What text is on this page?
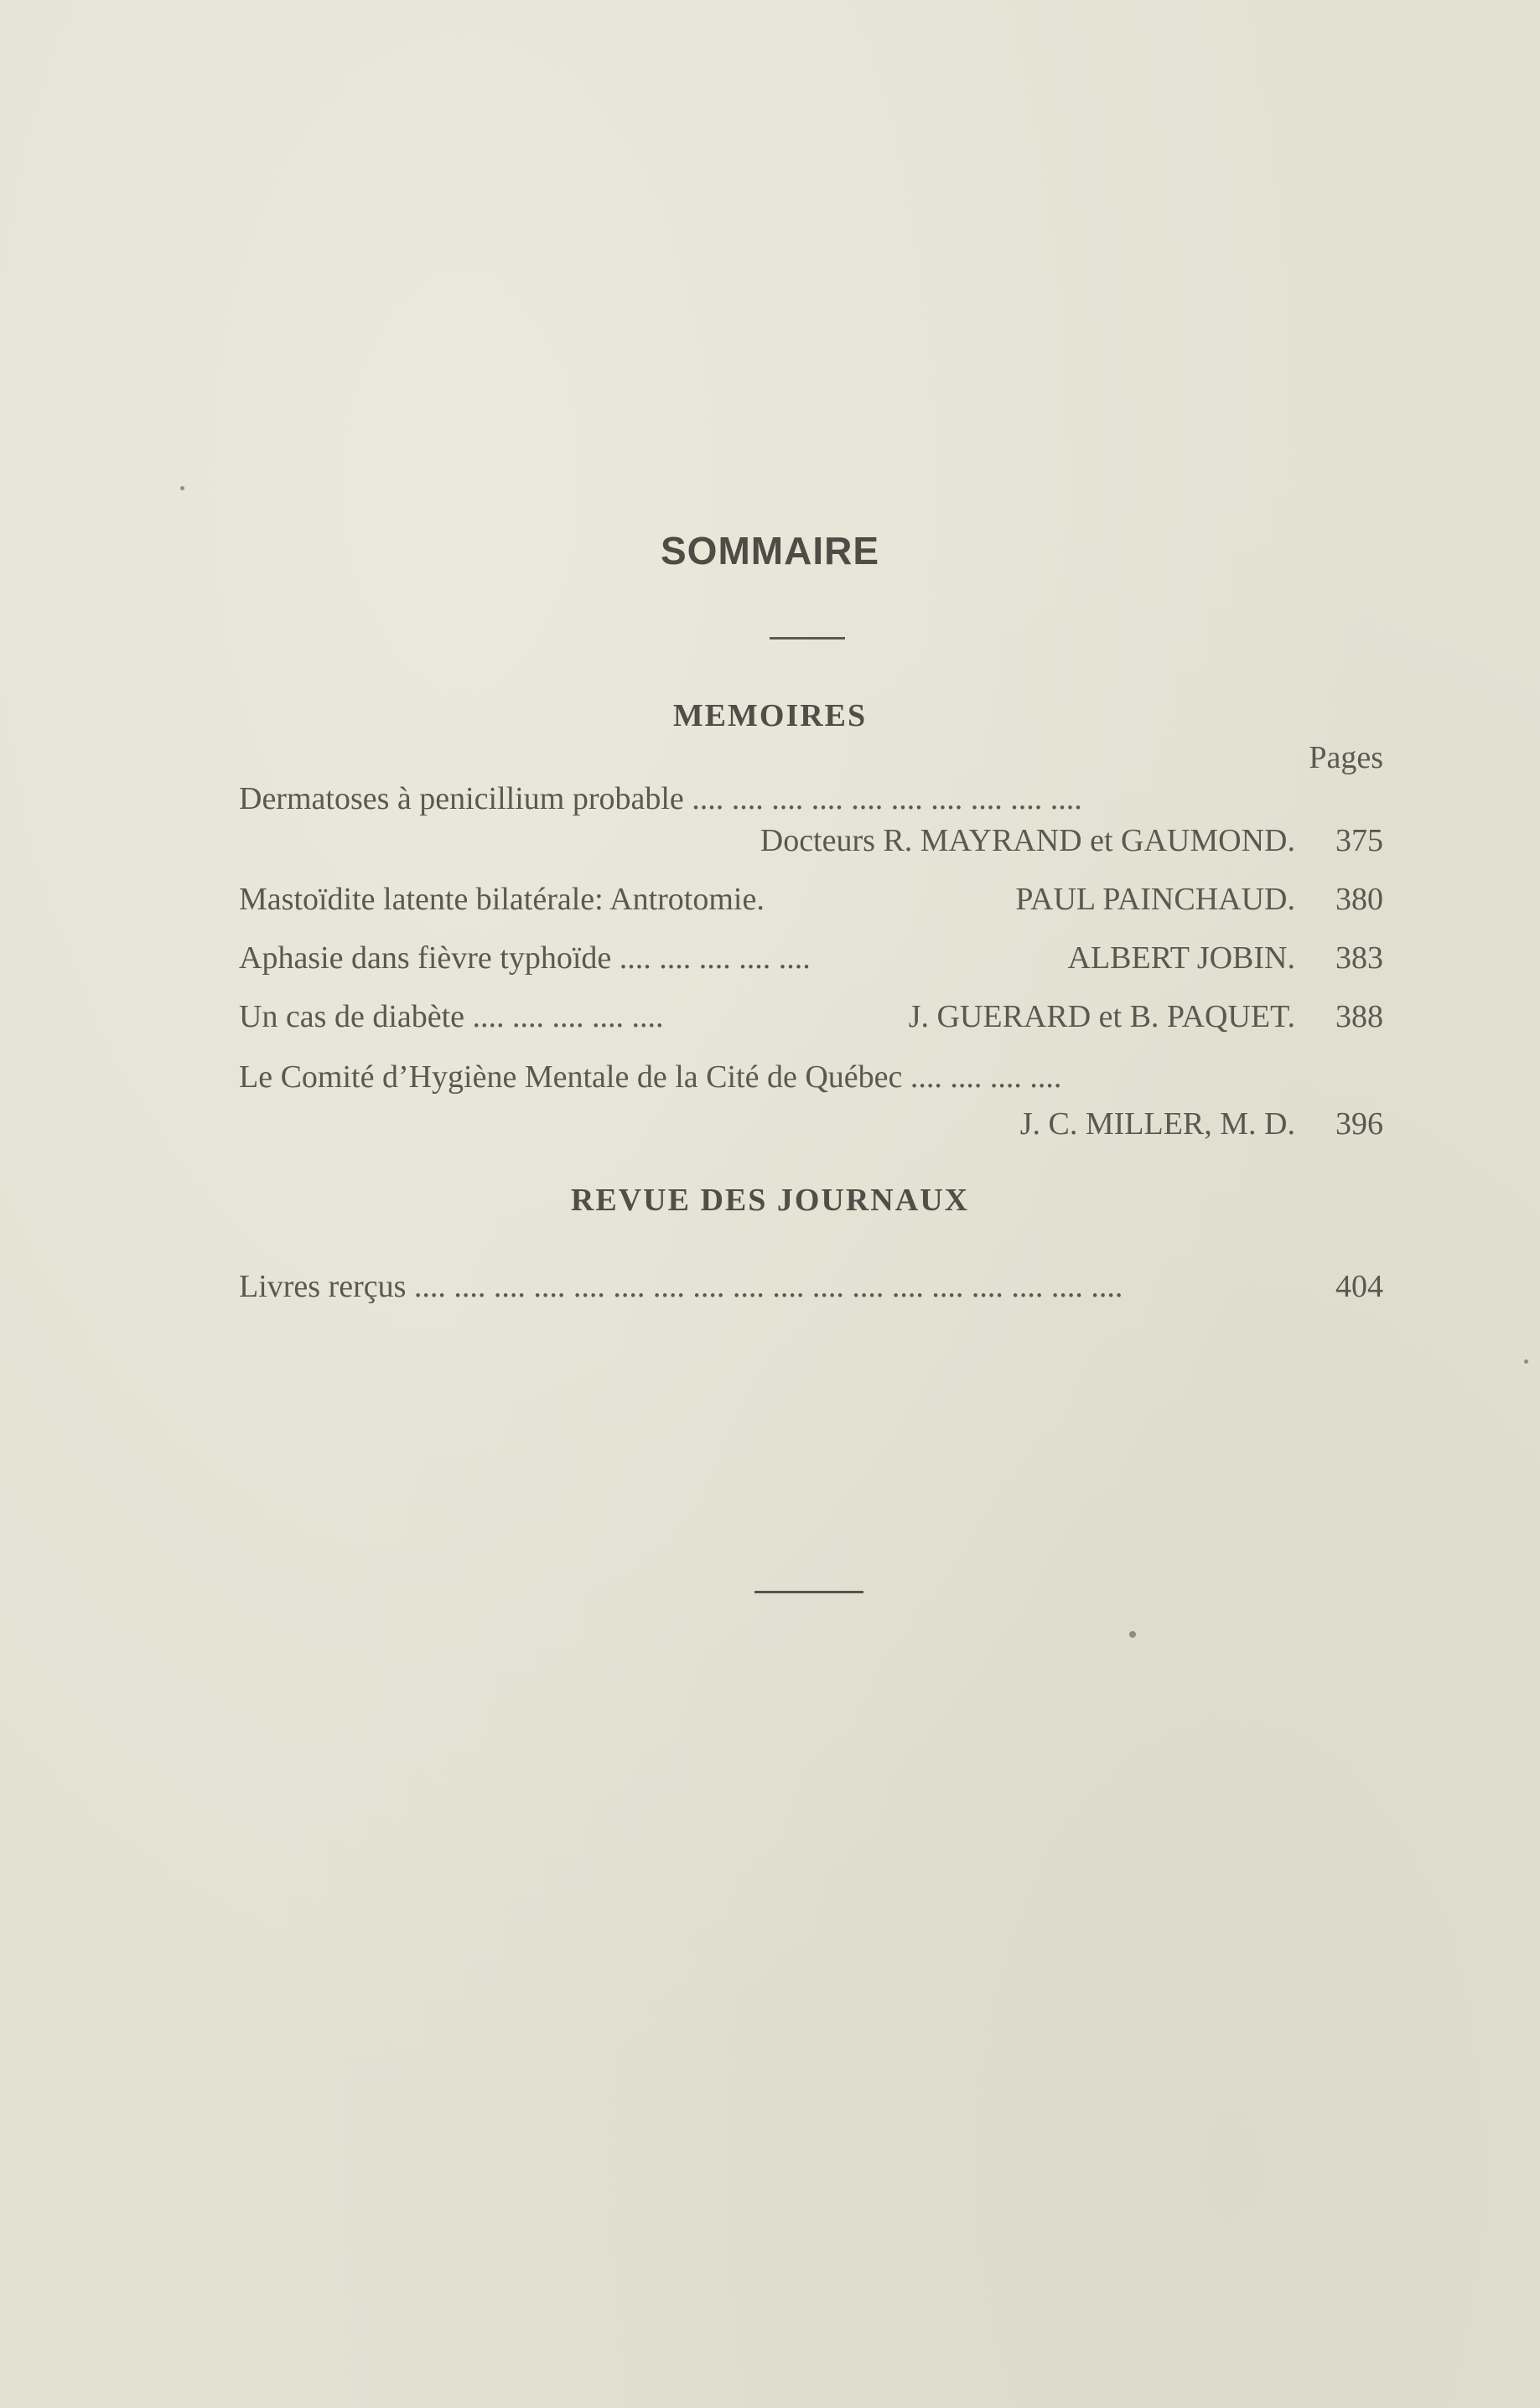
SOMMAIRE
MEMOIRES
Pages
Dermatoses à penicillium probable .... .... .... .... .... .... .... .... .... ....
Docteurs R. MAYRAND et GAUMOND. 375
Mastoïdite latente bilatérale: Antrotomie.	PAUL PAINCHAUD. 380
Aphasie dans fièvre typhoïde .... .... .... .... ....	ALBERT JOBIN. 383
Un cas de diabète .... .... .... .... ....	J. GUERARD et B. PAQUET. 388
Le Comité d’Hygiène Mentale de la Cité de Québec .... .... .... ....
J. C. MILLER, M. D. 396
REVUE DES JOURNAUX
Livres rerçus .... .... .... .... .... .... .... .... .... .... .... .... .... .... .... .... .... ....	404
